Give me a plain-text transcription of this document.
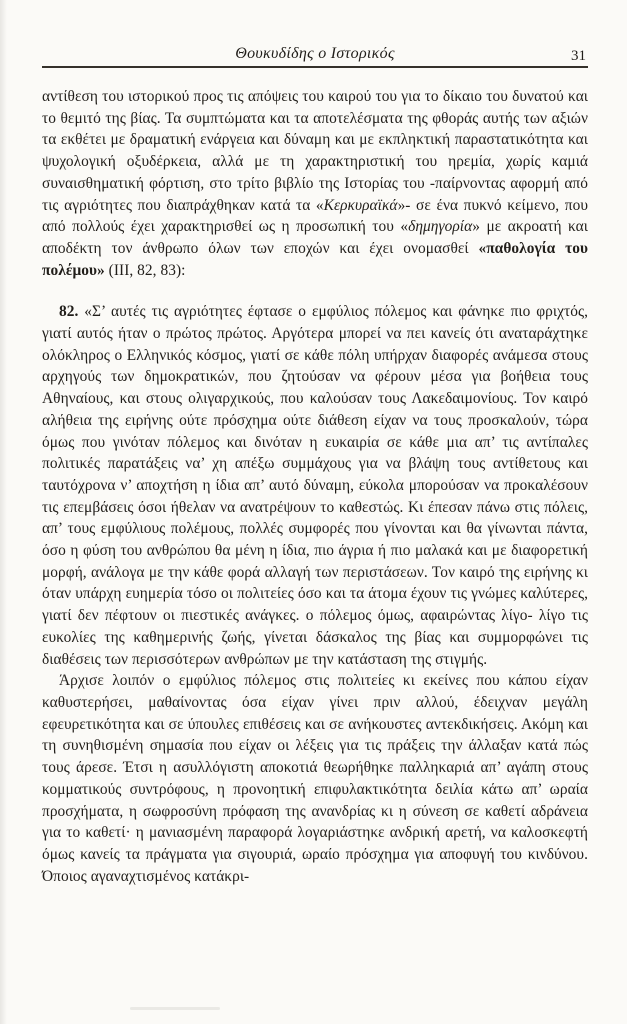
Θουκυδίδης ο Ιστορικός	31

αντίθεση του ιστορικού προς τις απόψεις του καιρού του για το δίκαιο του δυνατού και το θεμιτό της βίας. Τα συμπτώματα και τα αποτελέσματα της φθοράς αυτής των αξιών τα εκθέτει με δραματική ενάργεια και δύναμη και με εκπληκτική παραστατικότητα και ψυχολογική οξυδέρκεια, αλλά με τη χαρακτηριστική του ηρεμία, χωρίς καμιά συναισθηματική φόρτιση, στο τρίτο βιβλίο της Ιστορίας του -παίρνοντας αφορμή από τις αγριότητες που διαπράχθηκαν κατά τα «Κερκυραϊκά»- σε ένα πυκνό κείμενο, που από πολλούς έχει χαρακτηρισθεί ως η προσωπική του «δημηγορία» με ακροατή και αποδέκτη τον άνθρωπο όλων των εποχών και έχει ονομασθεί «παθολογία του πολέμου» (III, 82, 83):

82. «Σ’ αυτές τις αγριότητες έφτασε ο εμφύλιος πόλεμος και φάνηκε πιο φριχτός, γιατί αυτός ήταν ο πρώτος πρώτος. Αργότερα μπορεί να πει κανείς ότι αναταράχτηκε ολόκληρος ο Ελληνικός κόσμος, γιατί σε κάθε πόλη υπήρχαν διαφορές ανάμεσα στους αρχηγούς των δημοκρατικών, που ζητούσαν να φέρουν μέσα για βοήθεια τους Αθηναίους, και στους ολιγαρχικούς, που καλούσαν τους Λακεδαιμονίους. Τον καιρό αλήθεια της ειρήνης ούτε πρόσχημα ούτε διάθεση είχαν να τους προσκαλούν, τώρα όμως που γινόταν πόλεμος και δινόταν η ευκαιρία σε κάθε μια απ’ τις αντίπαλες πολιτικές παρατάξεις να’ χη απέξω συμμάχους για να βλάψη τους αντίθετους και ταυτόχρονα ν’ αποχτήση η ίδια απ’ αυτό δύναμη, εύκολα μπορούσαν να προκαλέσουν τις επεμβάσεις όσοι ήθελαν να ανατρέψουν το καθεστώς. Κι έπεσαν πάνω στις πόλεις, απ’ τους εμφύλιους πολέμους, πολλές συμφορές που γίνονται και θα γίνωνται πάντα, όσο η φύση του ανθρώπου θα μένη η ίδια, πιο άγρια ή πιο μαλακά και με διαφορετική μορφή, ανάλογα με την κάθε φορά αλλαγή των περιστάσεων. Τον καιρό της ειρήνης κι όταν υπάρχη ευημερία τόσο οι πολιτείες όσο και τα άτομα έχουν τις γνώμες καλύτερες, γιατί δεν πέφτουν οι πιεστικές ανάγκες. ο πόλεμος όμως, αφαιρώντας λίγο- λίγο τις ευκολίες της καθημερινής ζωής, γίνεται δάσκαλος της βίας και συμμορφώνει τις διαθέσεις των περισσότερων ανθρώπων με την κατάσταση της στιγμής.

Άρχισε λοιπόν ο εμφύλιος πόλεμος στις πολιτείες κι εκείνες που κάπου είχαν καθυστερήσει, μαθαίνοντας όσα είχαν γίνει πριν αλλού, έδειχναν μεγάλη εφευρετικότητα και σε ύπουλες επιθέσεις και σε ανήκουστες αντεκδικήσεις. Ακόμη και τη συνηθισμένη σημασία που είχαν οι λέξεις για τις πράξεις την άλλαξαν κατά πώς τους άρεσε. Έτσι η ασυλλόγιστη αποκοτιά θεωρήθηκε παλληκαριά απ’ αγάπη στους κομματικούς συντρόφους, η προνοητική επιφυλακτικότητα δειλία κάτω απ’ ωραία προσχήματα, η σωφροσύνη πρόφαση της ανανδρίας κι η σύνεση σε καθετί αδράνεια για το καθετί· η μανιασμένη παραφορά λογαριάστηκε ανδρική αρετή, να καλοσκεφτή όμως κανείς τα πράγματα για σιγουριά, ωραίο πρόσχημα για αποφυγή του κινδύνου. Όποιος αγαναχτισμένος κατάκρι-
